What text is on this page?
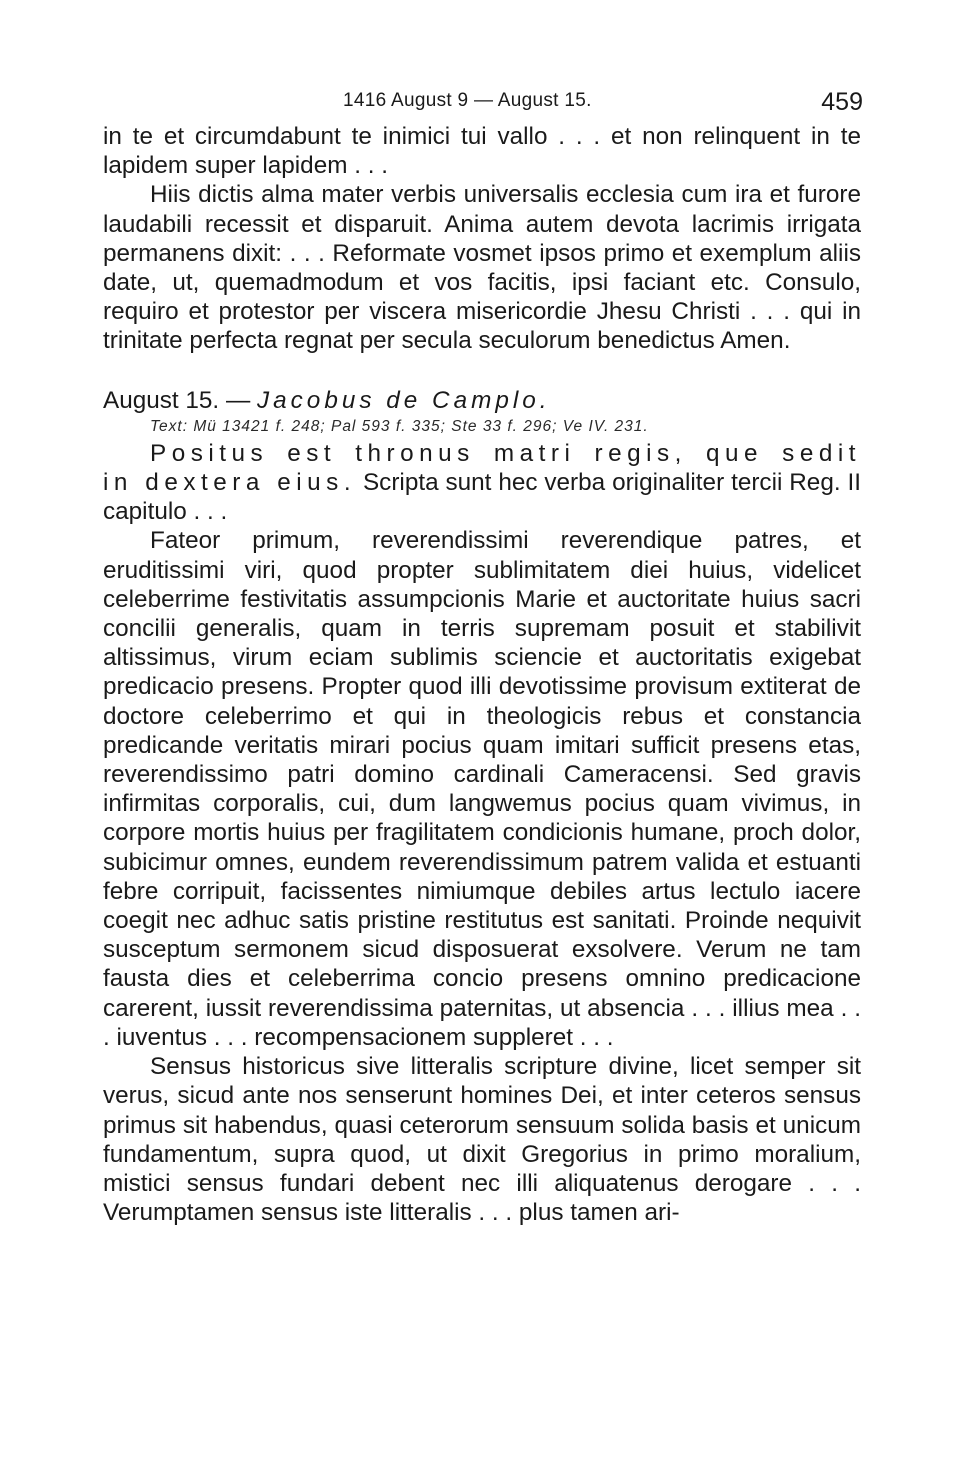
1416 August 9 — August 15.	459

in te et circumdabunt te inimici tui vallo . . . et non relinquent in te lapidem super lapidem . . .

Hiis dictis alma mater verbis universalis ecclesia cum ira et furore laudabili recessit et disparuit. Anima autem devota lacrimis irrigata permanens dixit: . . . Reformate vosmet ipsos primo et exemplum aliis date, ut, quemadmodum et vos facitis, ipsi faciant etc. Consulo, requiro et protestor per viscera misericordie Jhesu Christi . . . qui in trinitate perfecta regnat per secula seculorum benedictus Amen.

August 15. — Jacobus de Camplo.

Text: Mü 13421 f. 248; Pal 593 f. 335; Ste 33 f. 296; Ve IV. 231.

Positus est thronus matri regis, que sedit in dextera eius. Scripta sunt hec verba originaliter tercii Reg. II capitulo . . .

Fateor primum, reverendissimi reverendique patres, et eruditissimi viri, quod propter sublimitatem diei huius, videlicet celeberrime festivitatis assumpcionis Marie et auctoritate huius sacri concilii generalis, quam in terris supremam posuit et stabilivit altissimus, virum eciam sublimis sciencie et auctoritatis exigebat predicacio presens. Propter quod illi devotissime provisum extiterat de doctore celeberrimo et qui in theologicis rebus et constancia predicande veritatis mirari pocius quam imitari sufficit presens etas, reverendissimo patri domino cardinali Cameracensi. Sed gravis infirmitas corporalis, cui, dum langwemus pocius quam vivimus, in corpore mortis huius per fragilitatem condicionis humane, proch dolor, subicimur omnes, eundem reverendissimum patrem valida et estuanti febre corripuit, facissentes nimiumque debiles artus lectulo iacere coegit nec adhuc satis pristine restitutus est sanitati. Proinde nequivit susceptum sermonem sicud disposuerat exsolvere. Verum ne tam fausta dies et celeberrima concio presens omnino predicacione carerent, iussit reverendissima paternitas, ut absencia . . . illius mea . . . iuventus . . . recompensacionem suppleret . . .

Sensus historicus sive litteralis scripture divine, licet semper sit verus, sicud ante nos senserunt homines Dei, et inter ceteros sensus primus sit habendus, quasi ceterorum sensuum solida basis et unicum fundamentum, supra quod, ut dixit Gregorius in primo moralium, mistici sensus fundari debent nec illi aliquatenus derogare . . . Verumptamen sensus iste litteralis . . . plus tamen ari-
